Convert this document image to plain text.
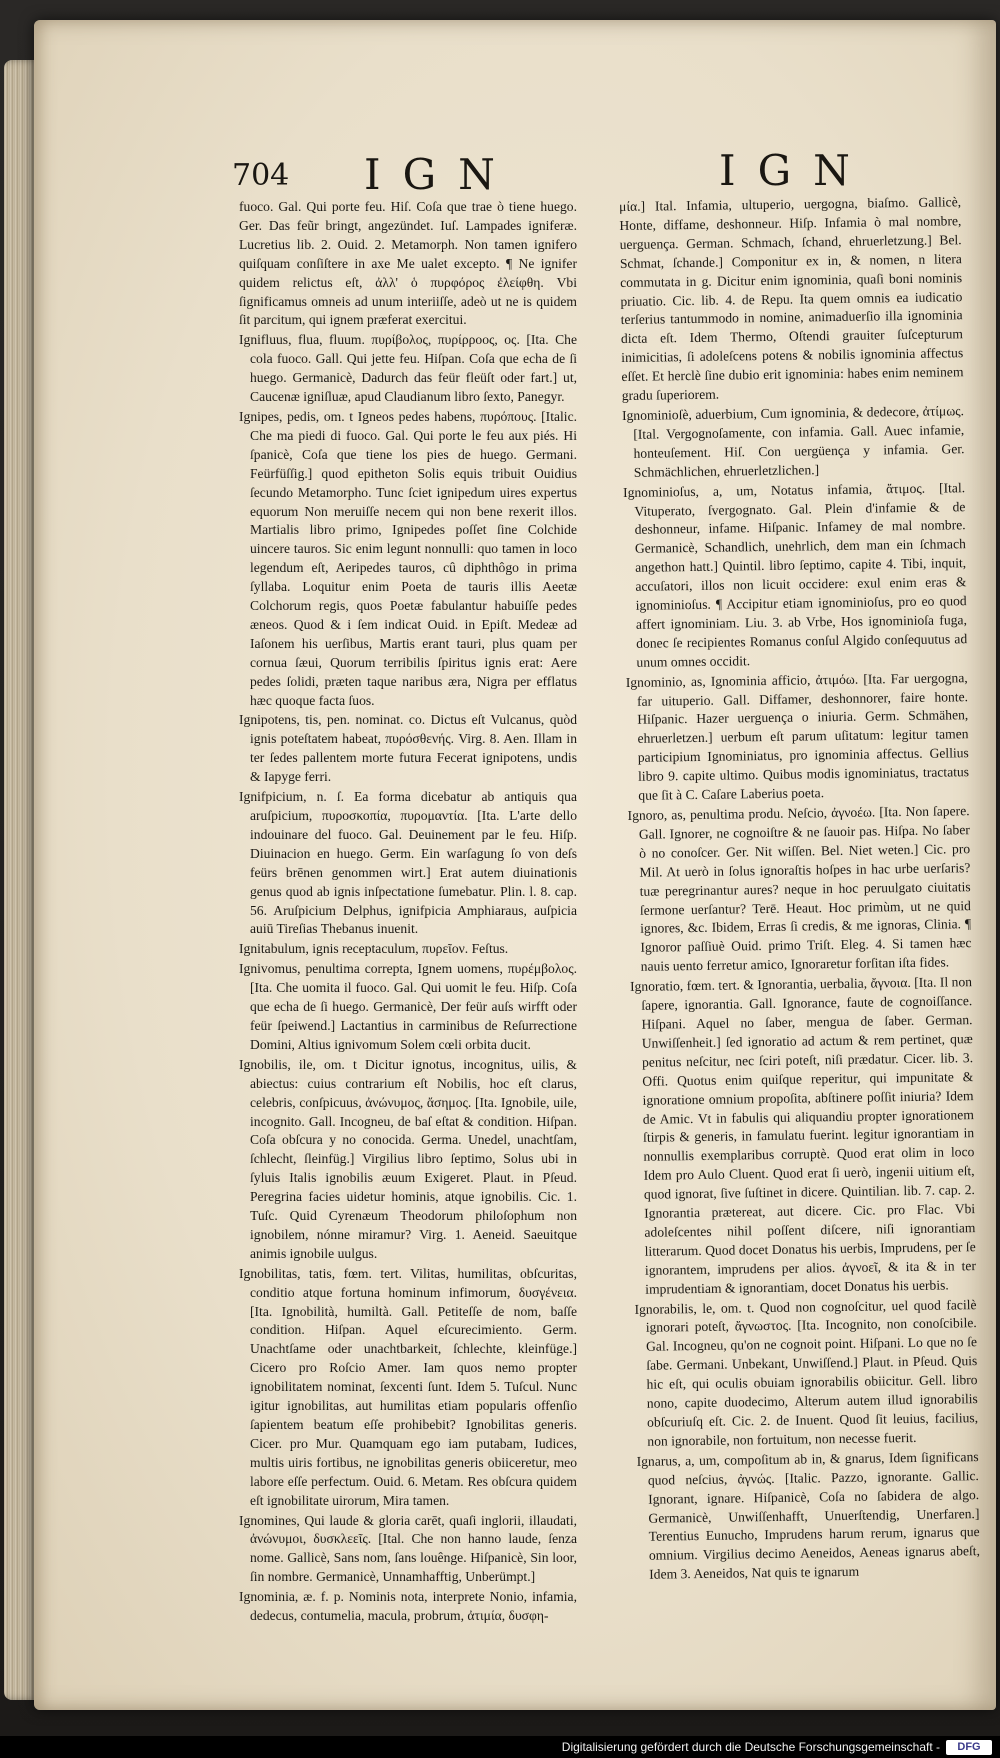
704 IGN	IGN

fuoco. Gal. Qui porte feu. Hiſ. Coſa que trae ò tiene huego. Ger. Das feũr bringt, angezündet. Iuſ. Lampades igniferæ. Lucretius lib. 2. Ouid. 2. Metamorph. Non tamen ignifero quiſquam conſiſtere in axe Me ualet excepto. ¶ Ne ignifer quidem relictus eſt, ἀλλ' ὁ πυρφόρος ἐλείφθη. Vbi ſignificamus omneis ad unum interiiſſe, adeò ut ne is quidem ſit parcitum, qui ignem præferat exercitui.

Ignifluus, flua, fluum. πυρίβολος, πυρίρροος, ος. [Ita. Che cola fuoco. Gall. Qui jette feu. Hiſpan. Coſa que echa de ſi huego. Germanicè, Dadurch das feür fleüſt oder fart.] ut, Caucenæ igniſluæ, apud Claudianum libro ſexto, Panegyr.

Ignipes, pedis, om. t Igneos pedes habens, πυρόπους. [Italic. Che ma piedi di fuoco. Gal. Qui porte le feu aux piés. Hi ſpanicè, Coſa que tiene los pies de huego. Germani. Feürfüſſig.] quod epitheton Solis equis tribuit Ouidius ſecundo Metamorpho. Tunc ſciet ignipedum uires expertus equorum Non meruiſſe necem qui non bene rexerit illos. Martialis libro primo, Ignipedes poſſet ſine Colchide uincere tauros. Sic enim legunt nonnulli: quo tamen in loco legendum eſt, Aeripedes tauros, cû diphthôgo in prima ſyllaba. Loquitur enim Poeta de tauris illis Aeetæ Colchorum regis, quos Poetæ fabulantur habuiſſe pedes æneos. Quod & i ſem indicat Ouid. in Epiſt. Medeæ ad Iaſonem his uerſibus, Martis erant tauri, plus quam per cornua ſæui, Quorum terribilis ſpiritus ignis erat: Aere pedes ſolidi, præten taque naribus æra, Nigra per efflatus hæc quoque facta ſuos.

Ignipotens, tis, pen. nominat. co. Dictus eſt Vulcanus, quòd ignis poteſtatem habeat, πυρόσθενής. Virg. 8. Aen. Illam in ter ſedes pallentem morte futura Fecerat ignipotens, undis & Iapyge ferri.

Ignifpicium, n. ſ. Ea forma dicebatur ab antiquis qua aruſpicium, πυροσκοπία, πυρομαντία. [Ita. L'arte dello indouinare del fuoco. Gal. Deuinement par le feu. Hiſp. Diuinacion en huego. Germ. Ein warſagung ſo von deſs feürs brēnen genommen wirt.] Erat autem diuinationis genus quod ab ignis inſpectatione ſumebatur. Plin. l. 8. cap. 56. Aruſpicium Delphus, ignifpicia Amphiaraus, auſpicia auiū Tireſias Thebanus inuenit.

Ignitabulum, ignis receptaculum, πυρεῖον. Feſtus.

Ignivomus, penultima correpta, Ignem uomens, πυρέμβολος. [Ita. Che uomita il fuoco. Gal. Qui uomit le feu. Hiſp. Coſa que echa de ſi huego. Germanicè, Der feür auſs wirfft oder feür ſpeiwend.] Lactantius in carminibus de Reſurrectione Domini, Altius ignivomum Solem cœli orbita ducit.

Ignobilis, ile, om. t Dicitur ignotus, incognitus, uilis, & abiectus: cuius contrarium eſt Nobilis, hoc eſt clarus, celebris, conſpicuus, ἀνώνυμος, ἄσημος. [Ita. Ignobile, uile, incognito. Gall. Incogneu, de baſ eſtat & condition. Hiſpan. Coſa obſcura y no conocida. Germa. Unedel, unachtſam, ſchlecht, ſleinfüg.] Virgilius libro ſeptimo, Solus ubi in ſyluis Italis ignobilis æuum Exigeret. Plaut. in Pſeud. Peregrina facies uidetur hominis, atque ignobilis. Cic. 1. Tuſc. Quid Cyrenæum Theodorum philoſophum non ignobilem, nónne miramur? Virg. 1. Aeneid. Saeuitque animis ignobile uulgus.

Ignobilitas, tatis, fœm. tert. Vilitas, humilitas, obſcuritas, conditio atque fortuna hominum infimorum, δυσγένεια. [Ita. Ignobilità, humiltà. Gall. Petiteſſe de nom, baſſe condition. Hiſpan. Aquel eſcurecimiento. Germ. Unachtſame oder unachtbarkeit, ſchlechte, kleinfüge.] Cicero pro Roſcio Amer. Iam quos nemo propter ignobilitatem nominat, ſexcenti ſunt. Idem 5. Tuſcul. Nunc igitur ignobilitas, aut humilitas etiam popularis offenſio ſapientem beatum eſſe prohibebit? Ignobilitas generis. Cicer. pro Mur. Quamquam ego iam putabam, Iudices, multis uiris fortibus, ne ignobilitas generis obiiceretur, meo labore eſſe perfectum. Ouid. 6. Metam. Res obſcura quidem eſt ignobilitate uirorum, Mira tamen.

Ignomines, Qui laude & gloria carēt, quaſi inglorii, illaudati, ἀνώνυμοι, δυσκλεεῖς. [Ital. Che non hanno laude, ſenza nome. Gallicè, Sans nom, ſans louênge. Hiſpanicè, Sin loor, ſin nombre. Germanicè, Unnamhafftig, Unberümpt.]

Ignominia, æ. f. p. Nominis nota, interprete Nonio, infamia, dedecus, contumelia, macula, probrum, ἀτιμία, δυσφη-

μία.] Ital. Infamia, ultuperio, uergogna, biaſmo. Gallicè, Honte, diffame, deshonneur. Hiſp. Infamia ò mal nombre, uerguença. German. Schmach, ſchand, ehruerletzung.] Bel. Schmat, ſchande.] Componitur ex in, & nomen, n litera commutata in g. Dicitur enim ignominia, quaſi boni nominis priuatio. Cic. lib. 4. de Repu. Ita quem omnis ea iudicatio terſerius tantummodo in nomine, animaduerſio illa ignominia dicta eſt. Idem Thermo, Oſtendi grauiter ſuſcepturum inimicitias, ſi adoleſcens potens & nobilis ignominia affectus eſſet. Et herclè ſine dubio erit ignominia: habes enim neminem gradu ſuperiorem.

Ignominioſè, aduerbium, Cum ignominia, & dedecore, ἀτίμως. [Ital. Vergognoſamente, con infamia. Gall. Auec infamie, honteuſement. Hiſ. Con uergüença y infamia. Ger. Schmächlichen, ehruerletzlichen.]

Ignominioſus, a, um, Notatus infamia, ἄτιμος. [Ital. Vituperato, ſvergognato. Gal. Plein d'infamie & de deshonneur, infame. Hiſpanic. Infamey de mal nombre. Germanicè, Schandlich, unehrlich, dem man ein ſchmach angethon hatt.] Quintil. libro ſeptimo, capite 4. Tibi, inquit, accuſatori, illos non licuit occidere: exul enim eras & ignominioſus. ¶ Accipitur etiam ignominioſus, pro eo quod affert ignominiam. Liu. 3. ab Vrbe, Hos ignominioſa fuga, donec ſe recipientes Romanus conſul Algido conſequutus ad unum omnes occidit.

Ignominio, as, Ignominia afficio, ἀτιμόω. [Ita. Far uergogna, far uituperio. Gall. Diffamer, deshonnorer, faire honte. Hiſpanic. Hazer uerguença o iniuria. Germ. Schmähen, ehruerletzen.] uerbum eſt parum uſitatum: legitur tamen participium Ignominiatus, pro ignominia affectus. Gellius libro 9. capite ultimo. Quibus modis ignominiatus, tractatus que ſit à C. Caſare Laberius poeta.

Ignoro, as, penultima produ. Neſcio, ἀγνοέω. [Ita. Non ſapere. Gall. Ignorer, ne cognoiſtre & ne ſauoir pas. Hiſpa. No ſaber ò no conoſcer. Ger. Nit wiſſen. Bel. Niet weten.] Cic. pro Mil. At uerò in ſolus ignoraſtis hoſpes in hac urbe uerſaris? tuæ peregrinantur aures? neque in hoc peruulgato ciuitatis ſermone uerſantur? Terē. Heaut. Hoc primùm, ut ne quid ignores, &c. Ibidem, Erras ſi credis, & me ignoras, Clinia. ¶ Ignoror paſſiuè Ouid. primo Triſt. Eleg. 4. Si tamen hæc nauis uento ferretur amico, Ignoraretur forſitan iſta fides.

Ignoratio, fœm. tert. & Ignorantia, uerbalia, ἄγνοια. [Ita. Il non ſapere, ignorantia. Gall. Ignorance, faute de cognoiſſance. Hiſpani. Aquel no ſaber, mengua de ſaber. German. Unwiſſenheit.] ſed ignoratio ad actum & rem pertinet, quæ penitus neſcitur, nec ſciri poteſt, niſi prædatur. Cicer. lib. 3. Offi. Quotus enim quiſque reperitur, qui impunitate & ignoratione omnium propoſita, abſtinere poſſit iniuria? Idem de Amic. Vt in fabulis qui aliquandiu propter ignorationem ſtirpis & generis, in famulatu fuerint. legitur ignorantiam in nonnullis exemplaribus corruptè. Quod erat olim in loco Idem pro Aulo Cluent. Quod erat ſi uerò, ingenii uitium eſt, quod ignorat, ſive ſuſtinet in dicere. Quintilian. lib. 7. cap. 2. Ignorantia prætereat, aut dicere. Cic. pro Flac. Vbi adoleſcentes nihil poſſent diſcere, niſi ignorantiam litterarum. Quod docet Donatus his uerbis, Imprudens, per ſe ignorantem, imprudens per alios. ἀγνοεῖ, & ita & in ter imprudentiam & ignorantiam, docet Donatus his uerbis.

Ignorabilis, le, om. t. Quod non cognoſcitur, uel quod facilè ignorari poteſt, ἄγνωστος. [Ita. Incognito, non conoſcibile. Gal. Incogneu, qu'on ne cognoit point. Hiſpani. Lo que no ſe ſabe. Germani. Unbekant, Unwiſſend.] Plaut. in Pſeud. Quis hic eſt, qui oculis obuiam ignorabilis obiicitur. Gell. libro nono, capite duodecimo, Alterum autem illud ignorabilis obſcuriuſq eſt. Cic. 2. de Inuent. Quod ſit leuius, facilius, non ignorabile, non fortuitum, non necesse fuerit.

Ignarus, a, um, compoſitum ab in, & gnarus, Idem ſignificans quod neſcius, ἀγνώς. [Italic. Pazzo, ignorante. Gallic. Ignorant, ignare. Hiſpanicè, Coſa no ſabidera de algo. Germanicè, Unwiſſenhafft, Unuerſtendig, Unerfaren.] Terentius Eunucho, Imprudens harum rerum, ignarus que omnium. Virgilius decimo Aeneidos, Aeneas ignarus abeſt, Idem 3. Aeneidos, Nat quis te ignarum

Digitalisierung gefördert durch die Deutsche Forschungsgemeinschaft -	DFG
